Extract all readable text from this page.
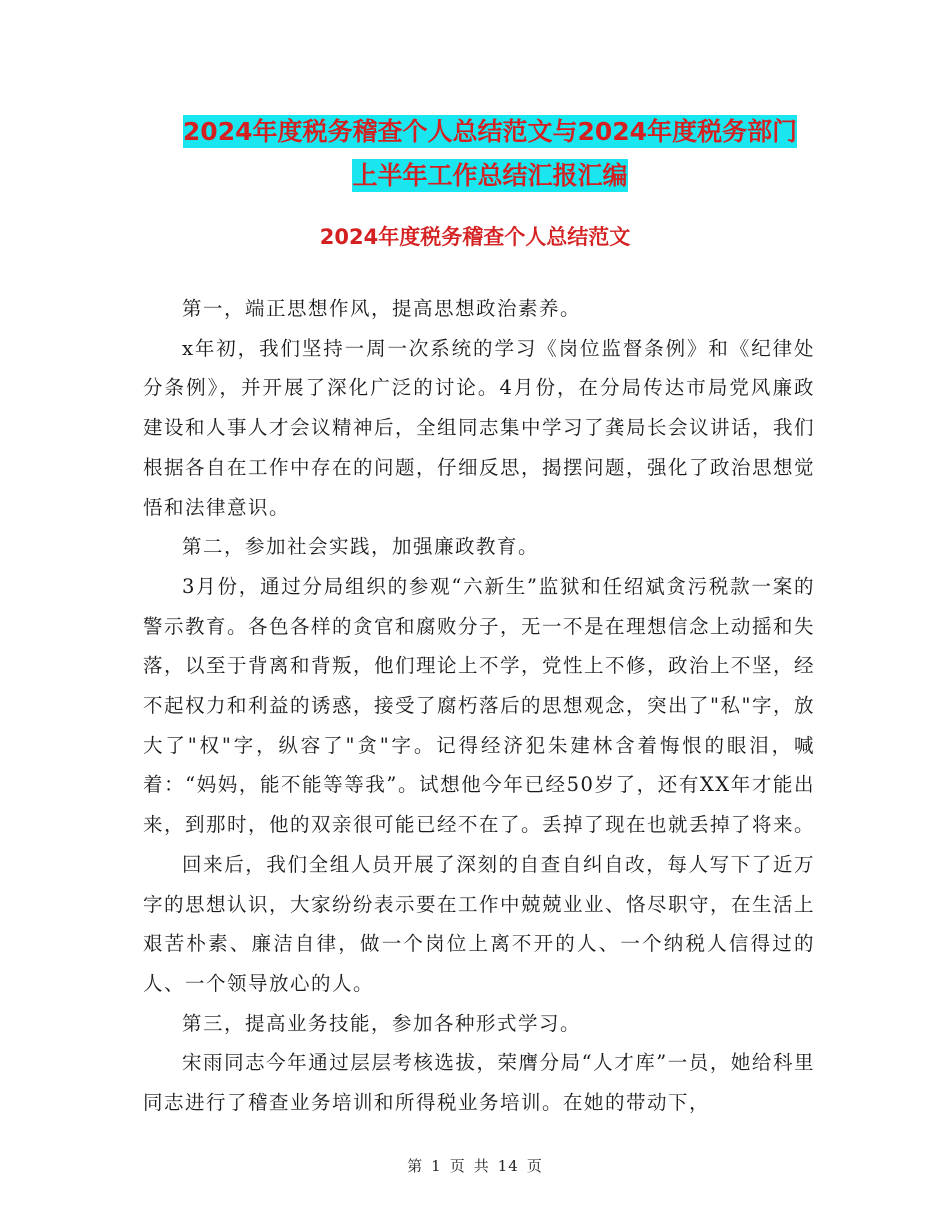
2024年度税务稽查个人总结范文与2024年度税务部门
上半年工作总结汇报汇编
2024年度税务稽查个人总结范文

第一，端正思想作风，提高思想政治素养。

x年初，我们坚持一周一次系统的学习《岗位监督条例》和《纪律处分条例》，并开展了深化广泛的讨论。4月份，在分局传达市局党风廉政建设和人事人才会议精神后，全组同志集中学习了龚局长会议讲话，我们根据各自在工作中存在的问题，仔细反思，揭摆问题，强化了政治思想觉悟和法律意识。

第二，参加社会实践，加强廉政教育。

3月份，通过分局组织的参观“六新生”监狱和任绍斌贪污税款一案的警示教育。各色各样的贪官和腐败分子，无一不是在理想信念上动摇和失落，以至于背离和背叛，他们理论上不学，党性上不修，政治上不坚，经不起权力和利益的诱惑，接受了腐朽落后的思想观念，突出了"私"字，放大了"权"字，纵容了"贪"字。记得经济犯朱建林含着悔恨的眼泪，喊着：“妈妈，能不能等等我”。试想他今年已经50岁了，还有XX年才能出来，到那时，他的双亲很可能已经不在了。丢掉了现在也就丢掉了将来。

回来后，我们全组人员开展了深刻的自查自纠自改，每人写下了近万字的思想认识，大家纷纷表示要在工作中兢兢业业、恪尽职守，在生活上艰苦朴素、廉洁自律，做一个岗位上离不开的人、一个纳税人信得过的人、一个领导放心的人。

第三，提高业务技能，参加各种形式学习。

宋雨同志今年通过层层考核选拔，荣膺分局“人才库”一员，她给科里同志进行了稽查业务培训和所得税业务培训。在她的带动下，

第 1 页 共 14 页
